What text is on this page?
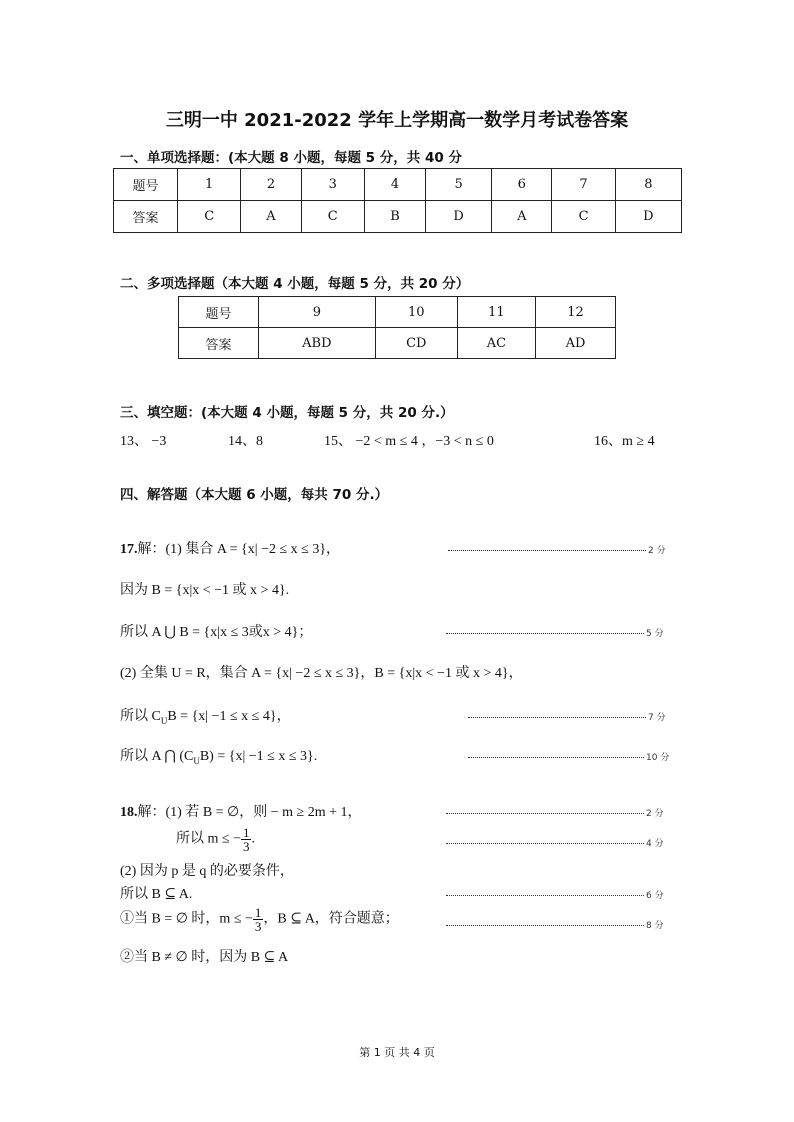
三明一中 2021-2022 学年上学期高一数学月考试卷答案
一、单项选择题：(本大题 8 小题，每题 5 分，共 40 分
题号	1	2	3	4	5	6	7	8
答案	C	A	C	B	D	A	C	D
二、多项选择题（本大题 4 小题，每题 5 分，共 20 分）
题号	9	10	11	12
答案	ABD	CD	AC	AD
三、填空题：(本大题 4 小题，每题 5 分，共 20 分.）
13、 −3	14、8	15、 −2 < m ≤ 4 ，−3 < n ≤ 0	16、m ≥ 4
四、解答题（本大题 6 小题，每共 70 分.）
17.解：(1) 集合 A = {x| −2 ≤ x ≤ 3}，	2 分
因为 B = {x|x < −1 或 x > 4}.
所以 A ⋃ B = {x|x ≤ 3或x > 4}；	5 分
(2) 全集 U = R，集合 A = {x| −2 ≤ x ≤ 3}，B = {x|x < −1 或 x > 4}，
所以 $C_UB = \{x| -1 \le x \le 4\}$，	7 分
所以 A ⋂ $(C_UB) = \{x| -1 \le x \le 3\}$.	10 分
18.解：(1) 若 B = ∅，则 − m ≥ 2m + 1，	2 分
所以 m ≤ − $\frac{1}{3}$ .	4 分
(2) 因为 p 是 q 的必要条件，
所以 B ⊆ A.	6 分
①当 B = ∅ 时，m ≤ − $\frac{1}{3}$ ，B ⊆ A，符合题意；	8 分
②当 B ≠ ∅ 时，因为 B ⊆ A
第 1 页 共 4 页
